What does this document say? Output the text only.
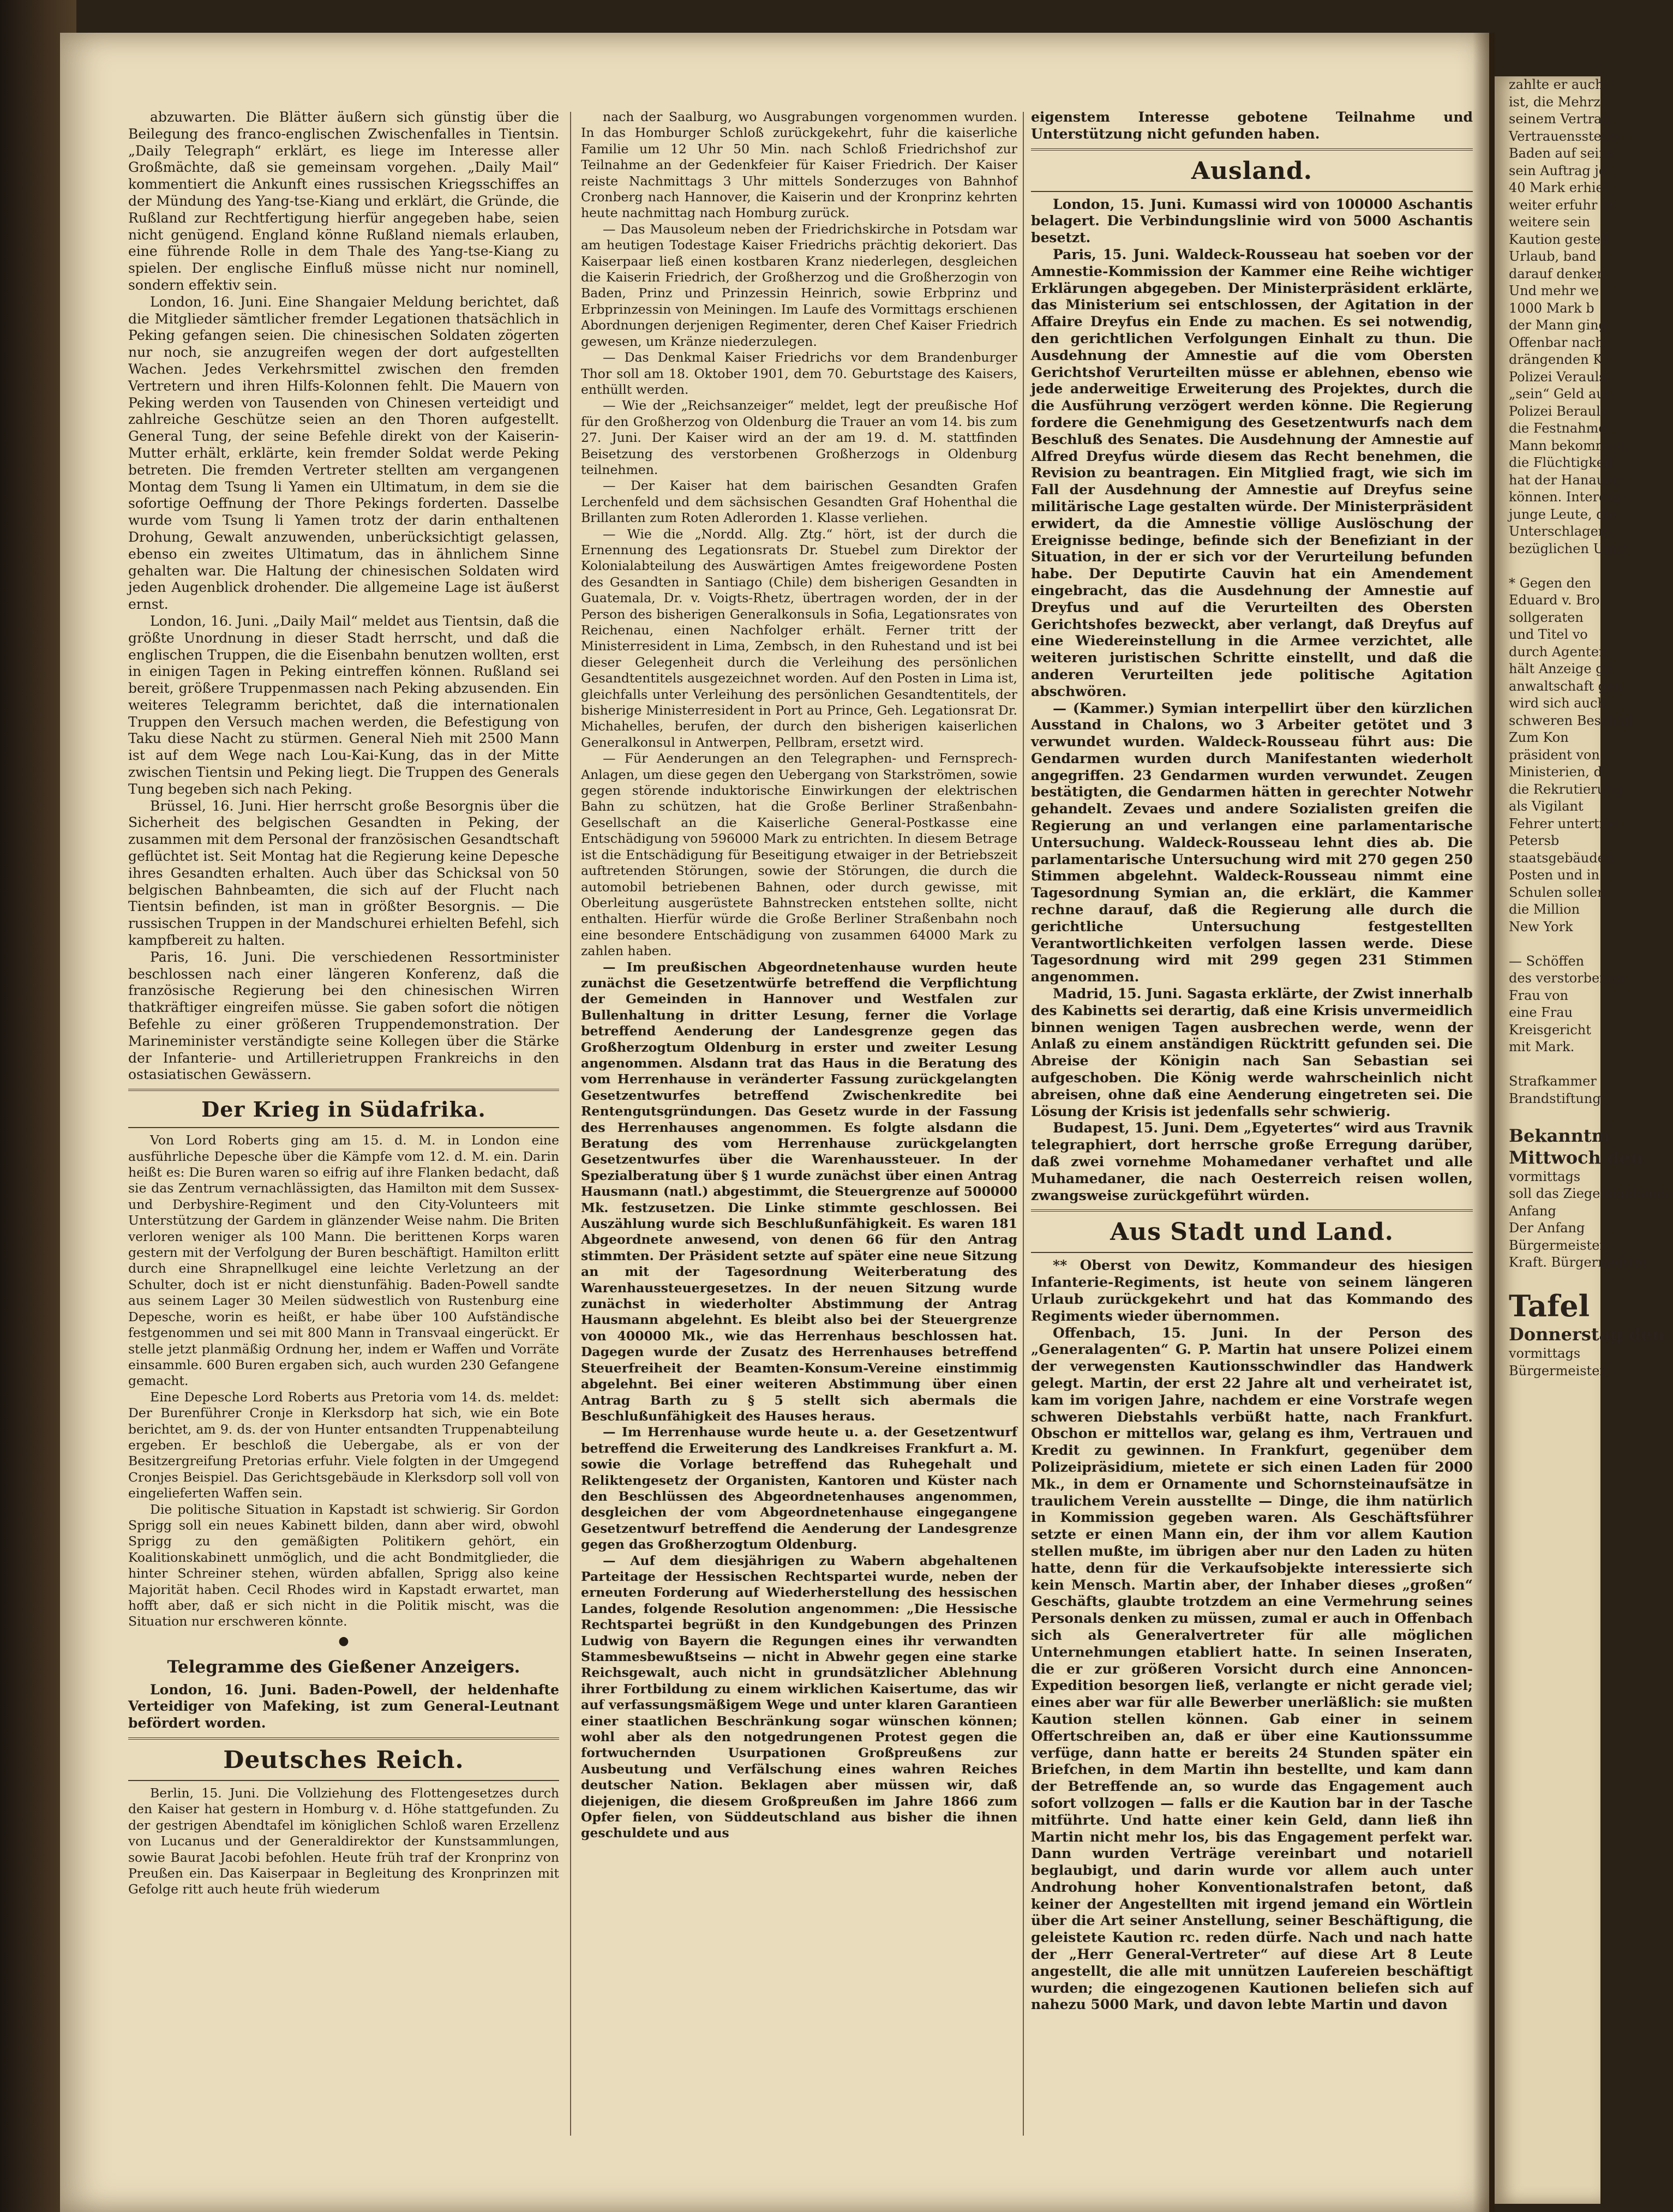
abzuwarten. Die Blätter äußern sich günstig über die Beilegung des franco-englischen Zwischenfalles in Tientsin. „Daily Telegraph“ erklärt, es liege im Interesse aller Großmächte, daß sie gemeinsam vorgehen. „Daily Mail“ kommentiert die Ankunft eines russischen Kriegsschiffes an der Mündung des Yang-tse-Kiang und erklärt, die Gründe, die Rußland zur Rechtfertigung hierfür angegeben habe, seien nicht genügend. England könne Rußland niemals erlauben, eine führende Rolle in dem Thale des Yang-tse-Kiang zu spielen. Der englische Einfluß müsse nicht nur nominell, sondern effektiv sein.

London, 16. Juni. Eine Shangaier Meldung berichtet, daß die Mitglieder sämtlicher fremder Legationen thatsächlich in Peking gefangen seien. Die chinesischen Soldaten zögerten nur noch, sie anzugreifen wegen der dort aufgestellten Wachen. Jedes Verkehrsmittel zwischen den fremden Vertretern und ihren Hilfs-Kolonnen fehlt. Die Mauern von Peking werden von Tausenden von Chinesen verteidigt und zahlreiche Geschütze seien an den Thoren aufgestellt. General Tung, der seine Befehle direkt von der Kaiserin-Mutter erhält, erklärte, kein fremder Soldat werde Peking betreten. Die fremden Vertreter stellten am vergangenen Montag dem Tsung li Yamen ein Ultimatum, in dem sie die sofortige Oeffnung der Thore Pekings forderten. Dasselbe wurde vom Tsung li Yamen trotz der darin enthaltenen Drohung, Gewalt anzuwenden, unberücksichtigt gelassen, ebenso ein zweites Ultimatum, das in ähnlichem Sinne gehalten war. Die Haltung der chinesischen Soldaten wird jeden Augenblick drohender. Die allgemeine Lage ist äußerst ernst.

London, 16. Juni. „Daily Mail“ meldet aus Tientsin, daß die größte Unordnung in dieser Stadt herrscht, und daß die englischen Truppen, die die Eisenbahn benutzen wollten, erst in einigen Tagen in Peking eintreffen können. Rußland sei bereit, größere Truppenmassen nach Peking abzusenden. Ein weiteres Telegramm berichtet, daß die internationalen Truppen den Versuch machen werden, die Befestigung von Taku diese Nacht zu stürmen. General Nieh mit 2500 Mann ist auf dem Wege nach Lou-Kai-Kung, das in der Mitte zwischen Tientsin und Peking liegt. Die Truppen des Generals Tung begeben sich nach Peking.

Brüssel, 16. Juni. Hier herrscht große Besorgnis über die Sicherheit des belgischen Gesandten in Peking, der zusammen mit dem Personal der französischen Gesandtschaft geflüchtet ist. Seit Montag hat die Regierung keine Depesche ihres Gesandten erhalten. Auch über das Schicksal von 50 belgischen Bahnbeamten, die sich auf der Flucht nach Tientsin befinden, ist man in größter Besorgnis. — Die russischen Truppen in der Mandschurei erhielten Befehl, sich kampfbereit zu halten.

Paris, 16. Juni. Die verschiedenen Ressortminister beschlossen nach einer längeren Konferenz, daß die französische Regierung bei den chinesischen Wirren thatkräftiger eingreifen müsse. Sie gaben sofort die nötigen Befehle zu einer größeren Truppendemonstration. Der Marineminister verständigte seine Kollegen über die Stärke der Infanterie- und Artillerietruppen Frankreichs in den ostasiatischen Gewässern.

Der Krieg in Südafrika.

Von Lord Roberts ging am 15. d. M. in London eine ausführliche Depesche über die Kämpfe vom 12. d. M. ein. Darin heißt es: Die Buren waren so eifrig auf ihre Flanken bedacht, daß sie das Zentrum vernachlässigten, das Hamilton mit dem Sussex- und Derbyshire-Regiment und den City-Volunteers mit Unterstützung der Gardem in glänzender Weise nahm. Die Briten verloren weniger als 100 Mann. Die berittenen Korps waren gestern mit der Verfolgung der Buren beschäftigt. Hamilton erlitt durch eine Shrapnellkugel eine leichte Verletzung an der Schulter, doch ist er nicht dienstunfähig. Baden-Powell sandte aus seinem Lager 30 Meilen südwestlich von Rustenburg eine Depesche, worin es heißt, er habe über 100 Aufständische festgenommen und sei mit 800 Mann in Transvaal eingerückt. Er stelle jetzt planmäßig Ordnung her, indem er Waffen und Vorräte einsammle. 600 Buren ergaben sich, auch wurden 230 Gefangene gemacht.

Eine Depesche Lord Roberts aus Pretoria vom 14. ds. meldet: Der Burenführer Cronje in Klerksdorp hat sich, wie ein Bote berichtet, am 9. ds. der von Hunter entsandten Truppenabteilung ergeben. Er beschloß die Uebergabe, als er von der Besitzergreifung Pretorias erfuhr. Viele folgten in der Umgegend Cronjes Beispiel. Das Gerichtsgebäude in Klerksdorp soll voll von eingelieferten Waffen sein.

Die politische Situation in Kapstadt ist schwierig. Sir Gordon Sprigg soll ein neues Kabinett bilden, dann aber wird, obwohl Sprigg zu den gemäßigten Politikern gehört, ein Koalitionskabinett unmöglich, und die acht Bondmitglieder, die hinter Schreiner stehen, würden abfallen, Sprigg also keine Majorität haben. Cecil Rhodes wird in Kapstadt erwartet, man hofft aber, daß er sich nicht in die Politik mischt, was die Situation nur erschweren könnte.

●
Telegramme des Gießener Anzeigers.

London, 16. Juni. Baden-Powell, der heldenhafte Verteidiger von Mafeking, ist zum General-Leutnant befördert worden.

Deutsches Reich.

Berlin, 15. Juni. Die Vollziehung des Flottengesetzes durch den Kaiser hat gestern in Homburg v. d. Höhe stattgefunden. Zu der gestrigen Abendtafel im königlichen Schloß waren Erzellenz von Lucanus und der Generaldirektor der Kunstsammlungen, sowie Baurat Jacobi befohlen. Heute früh traf der Kronprinz von Preußen ein. Das Kaiserpaar in Begleitung des Kronprinzen mit Gefolge ritt auch heute früh wiederum

nach der Saalburg, wo Ausgrabungen vorgenommen wurden. In das Homburger Schloß zurückgekehrt, fuhr die kaiserliche Familie um 12 Uhr 50 Min. nach Schloß Friedrichshof zur Teilnahme an der Gedenkfeier für Kaiser Friedrich. Der Kaiser reiste Nachmittags 3 Uhr mittels Sonderzuges von Bahnhof Cronberg nach Hannover, die Kaiserin und der Kronprinz kehrten heute nachmittag nach Homburg zurück.

— Das Mausoleum neben der Friedrichskirche in Potsdam war am heutigen Todestage Kaiser Friedrichs prächtig dekoriert. Das Kaiserpaar ließ einen kostbaren Kranz niederlegen, desgleichen die Kaiserin Friedrich, der Großherzog und die Großherzogin von Baden, Prinz und Prinzessin Heinrich, sowie Erbprinz und Erbprinzessin von Meiningen. Im Laufe des Vormittags erschienen Abordnungen derjenigen Regimenter, deren Chef Kaiser Friedrich gewesen, um Kränze niederzulegen.

— Das Denkmal Kaiser Friedrichs vor dem Brandenburger Thor soll am 18. Oktober 1901, dem 70. Geburtstage des Kaisers, enthüllt werden.

— Wie der „Reichsanzeiger“ meldet, legt der preußische Hof für den Großherzog von Oldenburg die Trauer an vom 14. bis zum 27. Juni. Der Kaiser wird an der am 19. d. M. stattfinden Beisetzung des verstorbenen Großherzogs in Oldenburg teilnehmen.

— Der Kaiser hat dem bairischen Gesandten Grafen Lerchenfeld und dem sächsischen Gesandten Graf Hohenthal die Brillanten zum Roten Adlerorden 1. Klasse verliehen.

— Wie die „Nordd. Allg. Ztg.“ hört, ist der durch die Ernennung des Legationsrats Dr. Stuebel zum Direktor der Kolonialabteilung des Auswärtigen Amtes freigewordene Posten des Gesandten in Santiago (Chile) dem bisherigen Gesandten in Guatemala, Dr. v. Voigts-Rhetz, übertragen worden, der in der Person des bisherigen Generalkonsuls in Sofia, Legationsrates von Reichenau, einen Nachfolger erhält. Ferner tritt der Ministerresident in Lima, Zembsch, in den Ruhestand und ist bei dieser Gelegenheit durch die Verleihung des persönlichen Gesandtentitels ausgezeichnet worden. Auf den Posten in Lima ist, gleichfalls unter Verleihung des persönlichen Gesandtentitels, der bisherige Ministerresident in Port au Prince, Geh. Legationsrat Dr. Michahelles, berufen, der durch den bisherigen kaiserlichen Generalkonsul in Antwerpen, Pellbram, ersetzt wird.

— Für Aenderungen an den Telegraphen- und Fernsprech-Anlagen, um diese gegen den Uebergang von Starkströmen, sowie gegen störende induktorische Einwirkungen der elektrischen Bahn zu schützen, hat die Große Berliner Straßenbahn-Gesellschaft an die Kaiserliche General-Postkasse eine Entschädigung von 596000 Mark zu entrichten. In diesem Betrage ist die Entschädigung für Beseitigung etwaiger in der Betriebszeit auftretenden Störungen, sowie der Störungen, die durch die automobil betriebenen Bahnen, oder durch gewisse, mit Oberleitung ausgerüstete Bahnstrecken entstehen sollte, nicht enthalten. Hierfür würde die Große Berliner Straßenbahn noch eine besondere Entschädigung von zusammen 64000 Mark zu zahlen haben.

— Im preußischen Abgeordnetenhause wurden heute zunächst die Gesetzentwürfe betreffend die Verpflichtung der Gemeinden in Hannover und Westfalen zur Bullenhaltung in dritter Lesung, ferner die Vorlage betreffend Aenderung der Landesgrenze gegen das Großherzogtum Oldenburg in erster und zweiter Lesung angenommen. Alsdann trat das Haus in die Beratung des vom Herrenhause in veränderter Fassung zurückgelangten Gesetzentwurfes betreffend Zwischenkredite bei Rentengutsgründungen. Das Gesetz wurde in der Fassung des Herrenhauses angenommen. Es folgte alsdann die Beratung des vom Herrenhause zurückgelangten Gesetzentwurfes über die Warenhaussteuer. In der Spezialberatung über § 1 wurde zunächst über einen Antrag Hausmann (natl.) abgestimmt, die Steuergrenze auf 500000 Mk. festzusetzen. Die Linke stimmte geschlossen. Bei Auszählung wurde sich Beschlußunfähigkeit. Es waren 181 Abgeordnete anwesend, von denen 66 für den Antrag stimmten. Der Präsident setzte auf später eine neue Sitzung an mit der Tagesordnung Weiterberatung des Warenhaussteuergesetzes. In der neuen Sitzung wurde zunächst in wiederholter Abstimmung der Antrag Hausmann abgelehnt. Es bleibt also bei der Steuergrenze von 400000 Mk., wie das Herrenhaus beschlossen hat. Dagegen wurde der Zusatz des Herrenhauses betreffend Steuerfreiheit der Beamten-Konsum-Vereine einstimmig abgelehnt. Bei einer weiteren Abstimmung über einen Antrag Barth zu § 5 stellt sich abermals die Beschlußunfähigkeit des Hauses heraus.

— Im Herrenhause wurde heute u. a. der Gesetzentwurf betreffend die Erweiterung des Landkreises Frankfurt a. M. sowie die Vorlage betreffend das Ruhegehalt und Reliktengesetz der Organisten, Kantoren und Küster nach den Beschlüssen des Abgeordnetenhauses angenommen, desgleichen der vom Abgeordnetenhause eingegangene Gesetzentwurf betreffend die Aenderung der Landesgrenze gegen das Großherzogtum Oldenburg.

— Auf dem diesjährigen zu Wabern abgehaltenen Parteitage der Hessischen Rechtspartei wurde, neben der erneuten Forderung auf Wiederherstellung des hessischen Landes, folgende Resolution angenommen: „Die Hessische Rechtspartei begrüßt in den Kundgebungen des Prinzen Ludwig von Bayern die Regungen eines ihr verwandten Stammesbewußtseins — nicht in Abwehr gegen eine starke Reichsgewalt, auch nicht in grundsätzlicher Ablehnung ihrer Fortbildung zu einem wirklichen Kaisertume, das wir auf verfassungsmäßigem Wege und unter klaren Garantieen einer staatlichen Beschränkung sogar wünschen können; wohl aber als den notgedrungenen Protest gegen die fortwuchernden Usurpationen Großpreußens zur Ausbeutung und Verfälschung eines wahren Reiches deutscher Nation. Beklagen aber müssen wir, daß diejenigen, die diesem Großpreußen im Jahre 1866 zum Opfer fielen, von Süddeutschland aus bisher die ihnen geschuldete und aus

eigenstem Interesse gebotene Teilnahme und Unterstützung nicht gefunden haben.

Ausland.

London, 15. Juni. Kumassi wird von 100000 Aschantis belagert. Die Verbindungslinie wird von 5000 Aschantis besetzt.

Paris, 15. Juni. Waldeck-Rousseau hat soeben vor der Amnestie-Kommission der Kammer eine Reihe wichtiger Erklärungen abgegeben. Der Ministerpräsident erklärte, das Ministerium sei entschlossen, der Agitation in der Affaire Dreyfus ein Ende zu machen. Es sei notwendig, den gerichtlichen Verfolgungen Einhalt zu thun. Die Ausdehnung der Amnestie auf die vom Obersten Gerichtshof Verurteilten müsse er ablehnen, ebenso wie jede anderweitige Erweiterung des Projektes, durch die die Ausführung verzögert werden könne. Die Regierung fordere die Genehmigung des Gesetzentwurfs nach dem Beschluß des Senates. Die Ausdehnung der Amnestie auf Alfred Dreyfus würde diesem das Recht benehmen, die Revision zu beantragen. Ein Mitglied fragt, wie sich im Fall der Ausdehnung der Amnestie auf Dreyfus seine militärische Lage gestalten würde. Der Ministerpräsident erwidert, da die Amnestie völlige Auslöschung der Ereignisse bedinge, befinde sich der Benefiziant in der Situation, in der er sich vor der Verurteilung befunden habe. Der Deputirte Cauvin hat ein Amendement eingebracht, das die Ausdehnung der Amnestie auf Dreyfus und auf die Verurteilten des Obersten Gerichtshofes bezweckt, aber verlangt, daß Dreyfus auf eine Wiedereinstellung in die Armee verzichtet, alle weiteren juristischen Schritte einstellt, und daß die anderen Verurteilten jede politische Agitation abschwören.

— (Kammer.) Symian interpellirt über den kürzlichen Ausstand in Chalons, wo 3 Arbeiter getötet und 3 verwundet wurden. Waldeck-Rousseau führt aus: Die Gendarmen wurden durch Manifestanten wiederholt angegriffen. 23 Gendarmen wurden verwundet. Zeugen bestätigten, die Gendarmen hätten in gerechter Notwehr gehandelt. Zevaes und andere Sozialisten greifen die Regierung an und verlangen eine parlamentarische Untersuchung. Waldeck-Rousseau lehnt dies ab. Die parlamentarische Untersuchung wird mit 270 gegen 250 Stimmen abgelehnt. Waldeck-Rousseau nimmt eine Tagesordnung Symian an, die erklärt, die Kammer rechne darauf, daß die Regierung alle durch die gerichtliche Untersuchung festgestellten Verantwortlichkeiten verfolgen lassen werde. Diese Tagesordnung wird mit 299 gegen 231 Stimmen angenommen.

Madrid, 15. Juni. Sagasta erklärte, der Zwist innerhalb des Kabinetts sei derartig, daß eine Krisis unvermeidlich binnen wenigen Tagen ausbrechen werde, wenn der Anlaß zu einem anständigen Rücktritt gefunden sei. Die Abreise der Königin nach San Sebastian sei aufgeschoben. Die König werde wahrscheinlich nicht abreisen, ohne daß eine Aenderung eingetreten sei. Die Lösung der Krisis ist jedenfalls sehr schwierig.

Budapest, 15. Juni. Dem „Egyetertes“ wird aus Travnik telegraphiert, dort herrsche große Erregung darüber, daß zwei vornehme Mohamedaner verhaftet und alle Muhamedaner, die nach Oesterreich reisen wollen, zwangsweise zurückgeführt würden.

Aus Stadt und Land.

** Oberst von Dewitz, Kommandeur des hiesigen Infanterie-Regiments, ist heute von seinem längeren Urlaub zurückgekehrt und hat das Kommando des Regiments wieder übernommen.

Offenbach, 15. Juni. In der Person des „Generalagenten“ G. P. Martin hat unsere Polizei einem der verwegensten Kautionsschwindler das Handwerk gelegt. Martin, der erst 22 Jahre alt und verheiratet ist, kam im vorigen Jahre, nachdem er eine Vorstrafe wegen schweren Diebstahls verbüßt hatte, nach Frankfurt. Obschon er mittellos war, gelang es ihm, Vertrauen und Kredit zu gewinnen. In Frankfurt, gegenüber dem Polizeipräsidium, mietete er sich einen Laden für 2000 Mk., in dem er Ornamente und Schornsteinaufsätze in traulichem Verein ausstellte — Dinge, die ihm natürlich in Kommission gegeben waren. Als Geschäftsführer setzte er einen Mann ein, der ihm vor allem Kaution stellen mußte, im übrigen aber nur den Laden zu hüten hatte, denn für die Verkaufsobjekte interessierte sich kein Mensch. Martin aber, der Inhaber dieses „großen“ Geschäfts, glaubte trotzdem an eine Vermehrung seines Personals denken zu müssen, zumal er auch in Offenbach sich als Generalvertreter für alle möglichen Unternehmungen etabliert hatte. In seinen Inseraten, die er zur größeren Vorsicht durch eine Annoncen-Expedition besorgen ließ, verlangte er nicht gerade viel; eines aber war für alle Bewerber unerläßlich: sie mußten Kaution stellen können. Gab einer in seinem Offertschreiben an, daß er über eine Kautionssumme verfüge, dann hatte er bereits 24 Stunden später ein Briefchen, in dem Martin ihn bestellte, und kam dann der Betreffende an, so wurde das Engagement auch sofort vollzogen — falls er die Kaution bar in der Tasche mitführte. Und hatte einer kein Geld, dann ließ ihn Martin nicht mehr los, bis das Engagement perfekt war. Dann wurden Verträge vereinbart und notariell beglaubigt, und darin wurde vor allem auch unter Androhung hoher Konventionalstrafen betont, daß keiner der Angestellten mit irgend jemand ein Wörtlein über die Art seiner Anstellung, seiner Beschäftigung, die geleistete Kaution rc. reden dürfe. Nach und nach hatte der „Herr General-Vertreter“ auf diese Art 8 Leute angestellt, die alle mit unnützen Laufereien beschäftigt wurden; die eingezogenen Kautionen beliefen sich auf nahezu 5000 Mark, und davon lebte Martin und davon

zahlte er auch,
ist, die Mehrz
seinem Vertrau
Vertrauensstelle
Baden auf seine
sein Auftrag je
40 Mark erhiel
weiter erfuhr er
weitere sein
Kaution gestell
Urlaub, band
darauf denken
Und mehr we
1000 Mark b
der Mann ging
Offenbar nach
drängenden K
Polizei Verauls
„sein“ Geld auf
Polizei Berauls
die Festnahme
Mann bekommen,
die Flüchtigkeit
hat der Hanauer
können. Interess
junge Leute, die
Unterschlagen,
bezüglichen Umst

* Gegen den
Eduard v. Bro
sollgeraten
und Titel vo
durch Agenten
hält Anzeige ge
anwaltschaft gen
wird sich auch
schweren Beschäd
Zum Kon
präsident von
Ministerien, d
die Rekrutierung
als Vigilant
Fehrer untertrie
Petersb
staatsgebäuden
Posten und in
Schulen sollen
die Million
New York

— Schöffen
des verstorbenen
Frau von
eine Frau
Kreisgericht
mit Mark.

Strafkammer
Brandstiftung

Bekanntm
Mittwoch den
vormittags
soll das Ziegeleigebäude
Anfang
Der Anfang
Bürgermeister
Kraft. Bürgermeister

Tafel
Donnerstag den
vormittags
Bürgermeister
